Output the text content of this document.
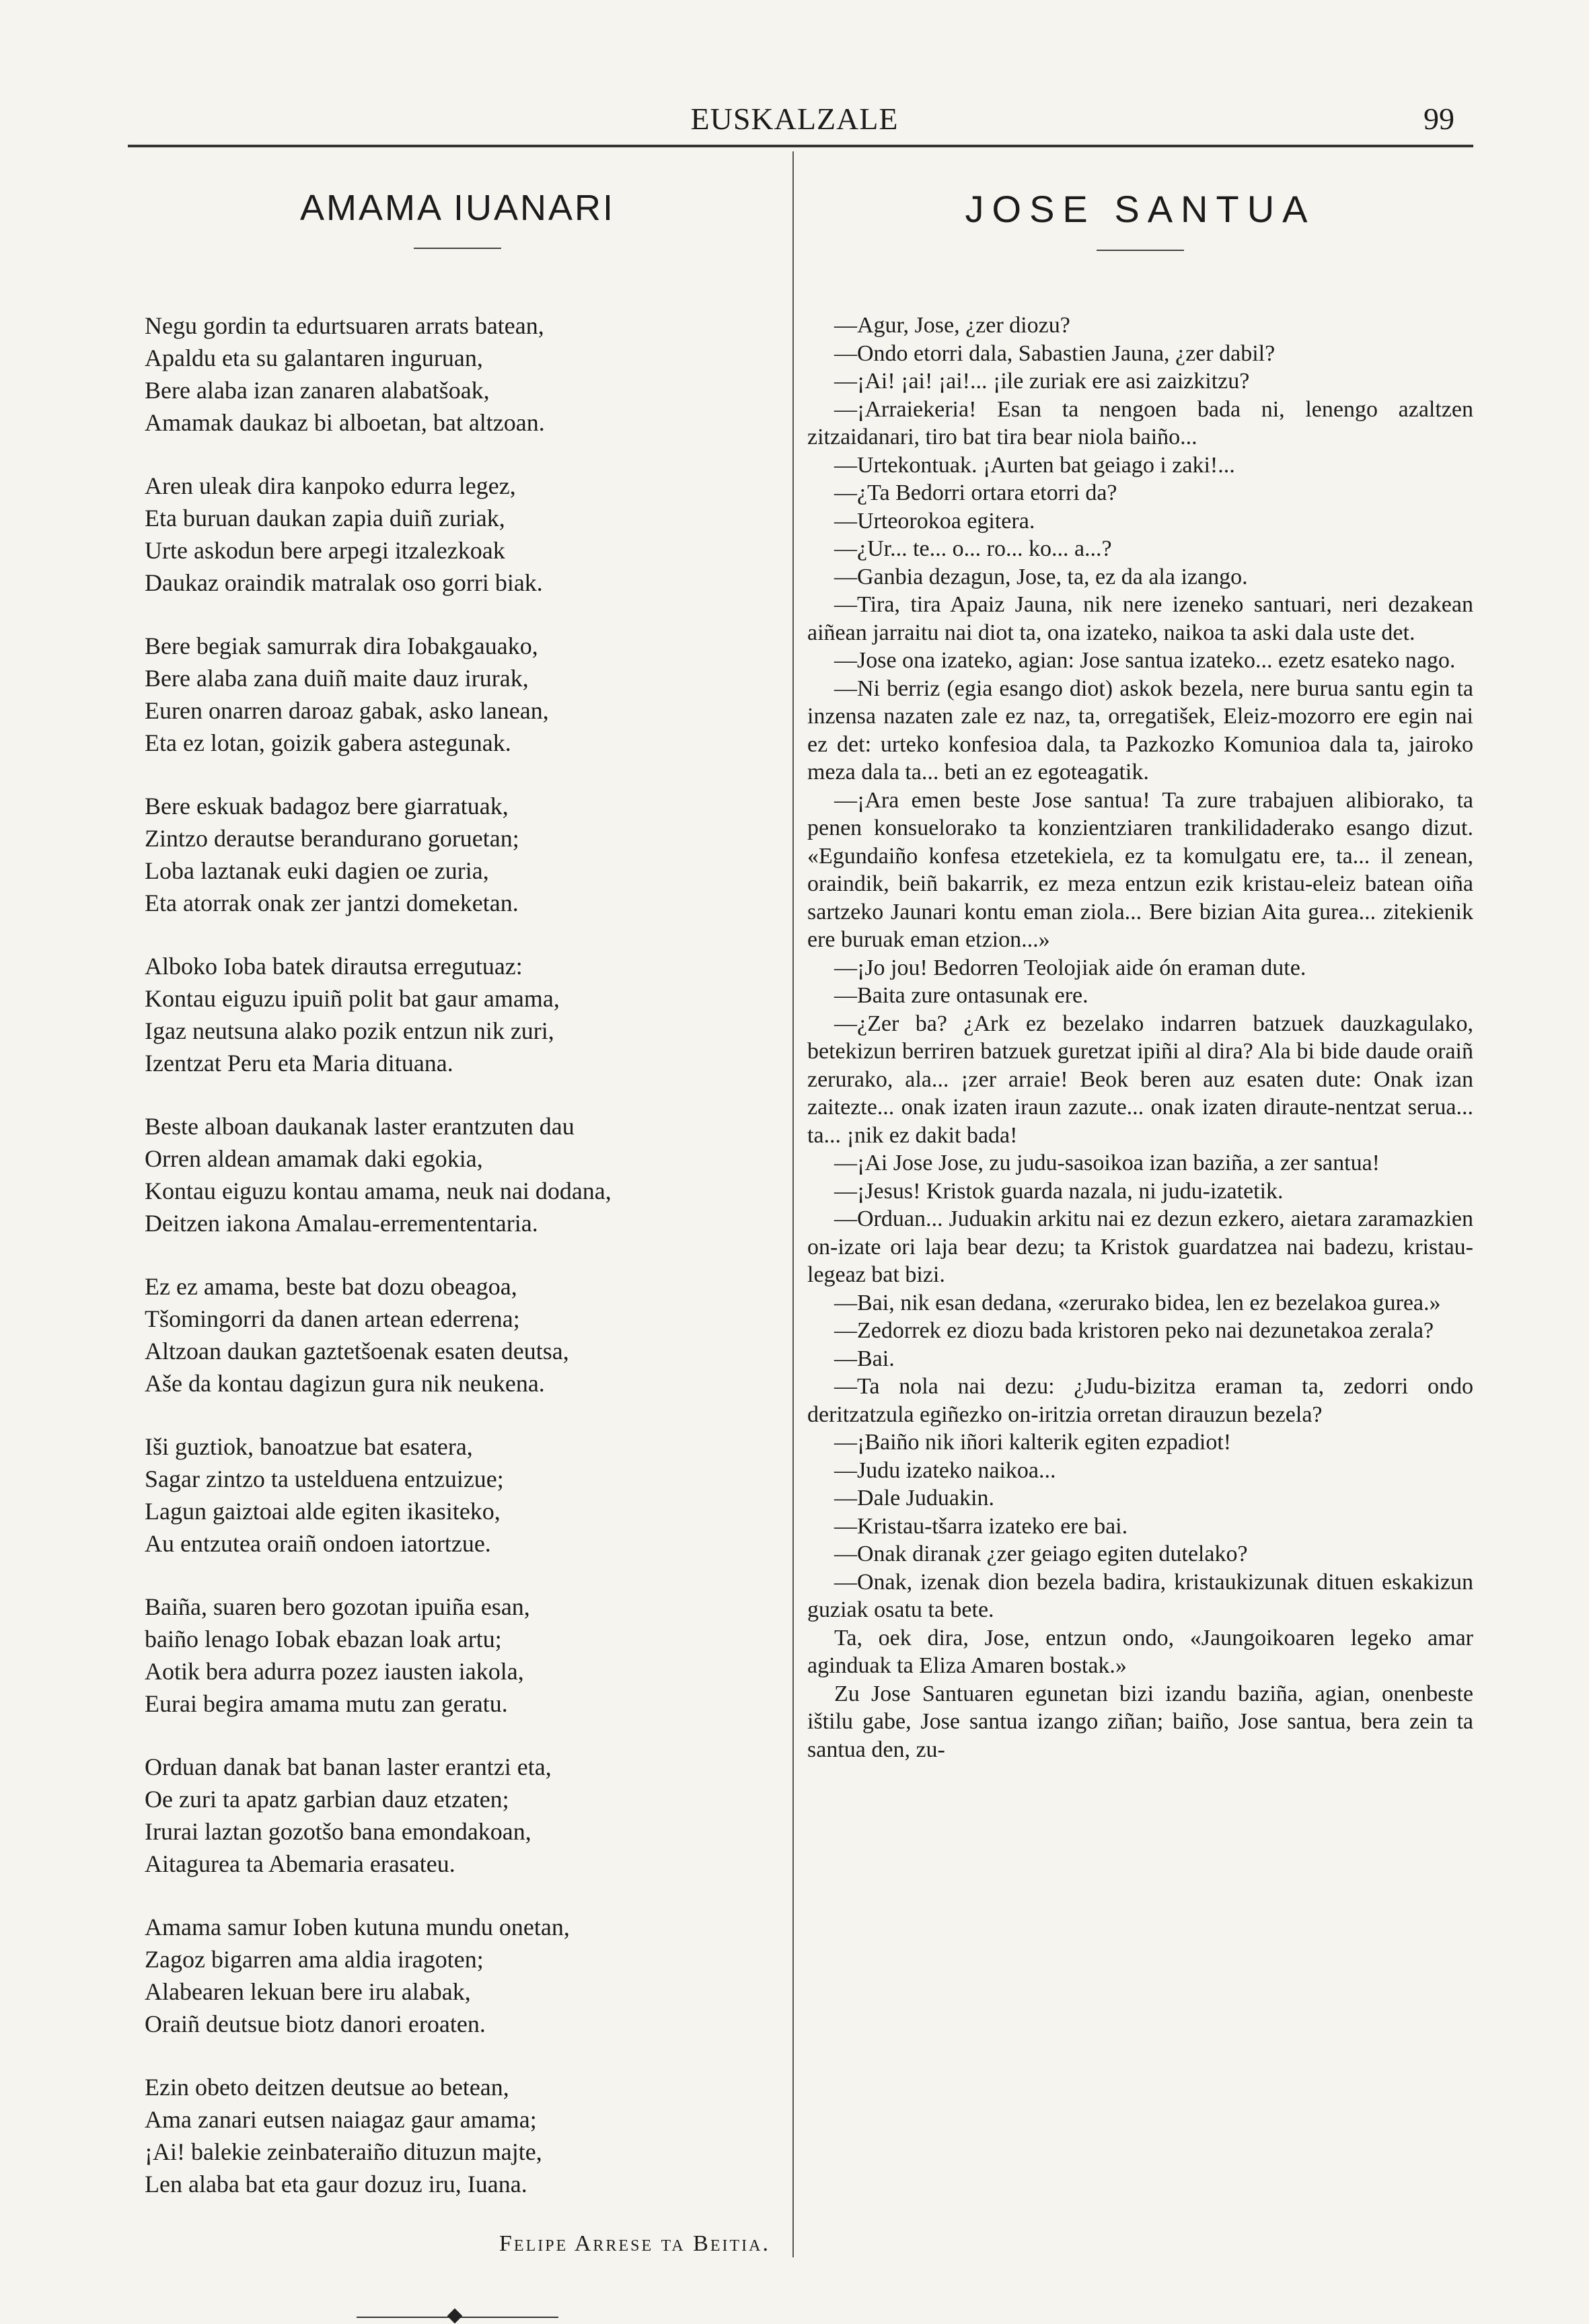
EUSKALZALE	99
AMAMA IUANARI
Negu gordin ta edurtsuaren arrats batean,
Apaldu eta su galantaren inguruan,
Bere alaba izan zanaren alabatšoak,
Amamak daukaz bi alboetan, bat altzoan.
Aren uleak dira kanpoko edurra legez,
Eta buruan daukan zapia duiñ zuriak,
Urte askodun bere arpegi itzalezkoak
Daukaz oraindik matralak oso gorri biak.
Bere begiak samurrak dira Iobakgauako,
Bere alaba zana duiñ maite dauz irurak,
Euren onarren daroaz gabak, asko lanean,
Eta ez lotan, goizik gabera astegunak.
Bere eskuak badagoz bere giarratuak,
Zintzo derautse berandurano goruetan;
Loba laztanak euki dagien oe zuria,
Eta atorrak onak zer jantzi domeketan.
Alboko Ioba batek dirautsa erregutuaz:
Kontau eiguzu ipuiñ polit bat gaur amama,
Igaz neutsuna alako pozik entzun nik zuri,
Izentzat Peru eta Maria dituana.
Beste alboan daukanak laster erantzuten dau
Orren aldean amamak daki egokia,
Kontau eiguzu kontau amama, neuk nai dodana,
Deitzen iakona Amalau-erremententaria.
Ez ez amama, beste bat dozu obeagoa,
Tšomingorri da danen artean ederrena;
Altzoan daukan gaztetšoenak esaten deutsa,
Aše da kontau dagizun gura nik neukena.
Iši guztiok, banoatzue bat esatera,
Sagar zintzo ta ustelduena entzuizue;
Lagun gaiztoai alde egiten ikasiteko,
Au entzutea oraiñ ondoen iatortzue.
Baiña, suaren bero gozotan ipuiña esan,
baiño lenago Iobak ebazan loak artu;
Aotik bera adurra pozez iausten iakola,
Eurai begira amama mutu zan geratu.
Orduan danak bat banan laster erantzi eta,
Oe zuri ta apatz garbian dauz etzaten;
Irurai laztan gozotšo bana emondakoan,
Aitagurea ta Abemaria erasateu.
Amama samur Ioben kutuna mundu onetan,
Zagoz bigarren ama aldia iragoten;
Alabearen lekuan bere iru alabak,
Oraiñ deutsue biotz danori eroaten.
Ezin obeto deitzen deutsue ao betean,
Ama zanari eutsen naiagaz gaur amama;
¡Ai! balekie zeinbateraiño dituzun majte,
Len alaba bat eta gaur dozuz iru, Iuana.
Felipe Arrese ta Beitia.
JOSE SANTUA

—Agur, Jose, ¿zer diozu?

—Ondo etorri dala, Sabastien Jauna, ¿zer dabil?

—¡Ai! ¡ai! ¡ai!... ¡ile zuriak ere asi zaizkitzu?

—¡Arraiekeria! Esan ta nengoen bada ni, lenengo azaltzen zitzaidanari, tiro bat tira bear niola baiño...

—Urtekontuak. ¡Aurten bat geiago i zaki!...

—¿Ta Bedorri ortara etorri da?

—Urteorokoa egitera.

—¿Ur... te... o... ro... ko... a...?

—Ganbia dezagun, Jose, ta, ez da ala izango.

—Tira, tira Apaiz Jauna, nik nere izeneko santuari, neri dezakean aiñean jarraitu nai diot ta, ona izateko, naikoa ta aski dala uste det.

—Jose ona izateko, agian: Jose santua izateko... ezetz esateko nago.

—Ni berriz (egia esango diot) askok bezela, nere burua santu egin ta inzensa nazaten zale ez naz, ta, orregatišek, Eleiz-mozorro ere egin nai ez det: urteko konfesioa dala, ta Pazkozko Komunioa dala ta, jairoko meza dala ta... beti an ez egoteagatik.

—¡Ara emen beste Jose santua! Ta zure trabajuen alibiorako, ta penen konsuelorako ta konzientziaren trankilidaderako esango dizut. «Egundaiño konfesa etzetekiela, ez ta komulgatu ere, ta... il zenean, oraindik, beiñ bakarrik, ez meza entzun ezik kristau-eleiz batean oiña sartzeko Jaunari kontu eman ziola... Bere bizian Aita gurea... zitekienik ere buruak eman etzion...»

—¡Jo jou! Bedorren Teolojiak aide ón eraman dute.

—Baita zure ontasunak ere.

—¿Zer ba? ¿Ark ez bezelako indarren batzuek dauzkagulako, betekizun berriren batzuek guretzat ipiñi al dira? Ala bi bide daude oraiñ zerurako, ala... ¡zer arraie! Beok beren auz esaten dute: Onak izan zaitezte... onak izaten iraun zazute... onak izaten diraute-nentzat serua... ta... ¡nik ez dakit bada!

—¡Ai Jose Jose, zu judu-sasoikoa izan baziña, a zer santua!

—¡Jesus! Kristok guarda nazala, ni judu-izatetik.

—Orduan... Juduakin arkitu nai ez dezun ezkero, aietara zaramazkien on-izate ori laja bear dezu; ta Kristok guardatzea nai badezu, kristau-legeaz bat bizi.

—Bai, nik esan dedana, «zerurako bidea, len ez bezelakoa gurea.»

—Zedorrek ez diozu bada kristoren peko nai dezunetakoa zerala?

—Bai.

—Ta nola nai dezu: ¿Judu-bizitza eraman ta, zedorri ondo deritzatzula egiñezko on-iritzia orretan dirauzun bezela?

—¡Baiño nik iñori kalterik egiten ezpadiot!

—Judu izateko naikoa...

—Dale Juduakin.

—Kristau-tšarra izateko ere bai.

—Onak diranak ¿zer geiago egiten dutelako?

—Onak, izenak dion bezela badira, kristaukizunak dituen eskakizun guziak osatu ta bete.

Ta, oek dira, Jose, entzun ondo, «Jaungoikoaren legeko amar aginduak ta Eliza Amaren bostak.»

Zu Jose Santuaren egunetan bizi izandu baziña, agian, onenbeste ištilu gabe, Jose santua izango ziñan; baiño, Jose santua, bera zein ta santua den, zu-
